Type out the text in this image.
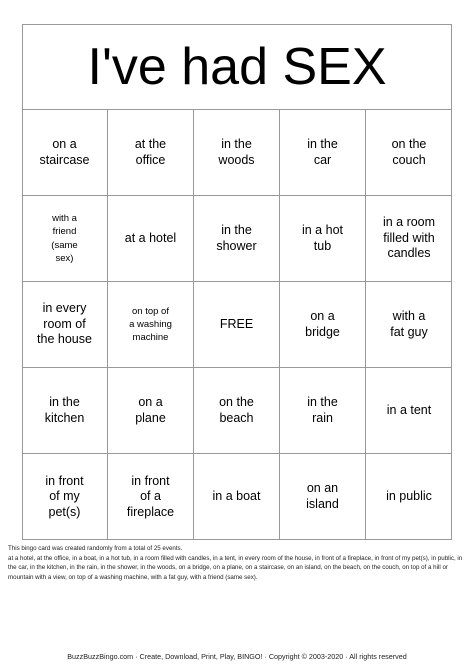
I've had SEX
on a
staircase
at the
office
in the
woods
in the
car
on the
couch
with a
friend
(same
sex)
at a hotel
in the
shower
in a hot
tub
in a room
filled with
candles
in every
room of
the house
on top of
a washing
machine
FREE
on a
bridge
with a
fat guy
in the
kitchen
on a
plane
on the
beach
in the
rain
in a tent
in front
of my
pet(s)
in front
of a
fireplace
in a boat
on an
island
in public

This bingo card was created randomly from a total of 25 events.

at a hotel, at the office, in a boat, in a hot tub, in a room filled with candles, in a tent, in every room of the house, in front of a fireplace, in front of my pet(s), in public, in the car, in the kitchen, in the rain, in the shower, in the woods, on a bridge, on a plane, on a staircase, on an island, on the beach, on the couch, on top of a hill or mountain with a view, on top of a washing machine, with a fat guy, with a friend (same sex).

BuzzBuzzBingo.com · Create, Download, Print, Play, BINGO! · Copyright © 2003-2020 · All rights reserved
